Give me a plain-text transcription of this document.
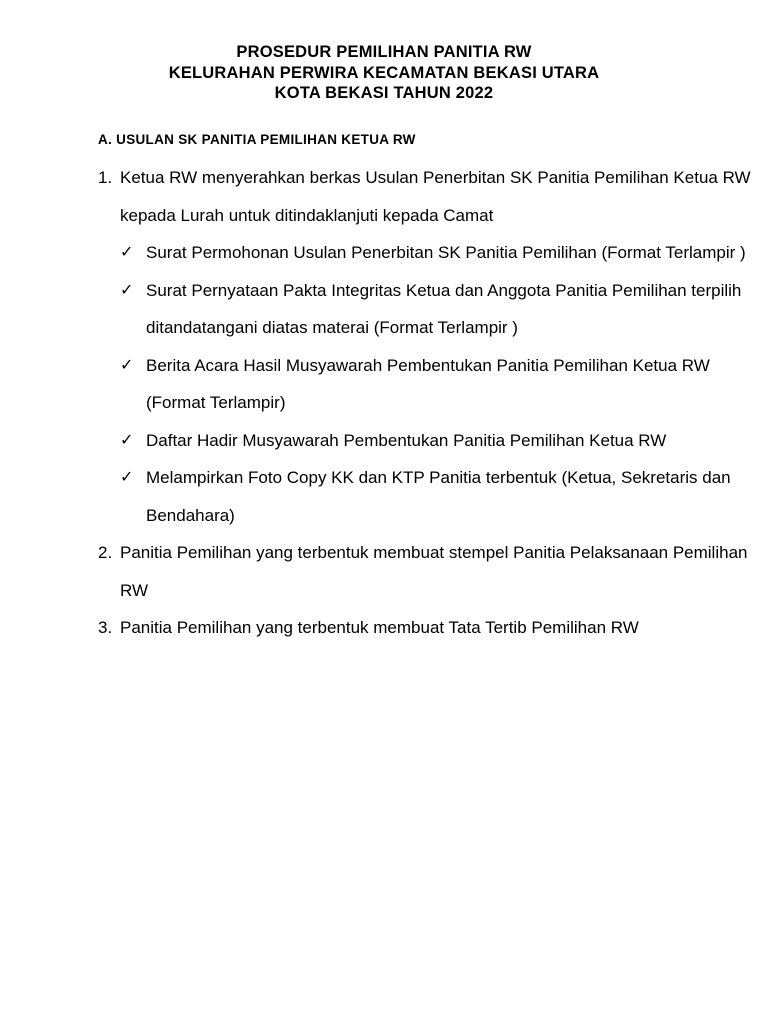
PROSEDUR PEMILIHAN PANITIA RW
KELURAHAN PERWIRA KECAMATAN BEKASI UTARA
KOTA BEKASI TAHUN 2022
A. USULAN SK PANITIA PEMILIHAN KETUA RW
1. Ketua RW menyerahkan berkas Usulan Penerbitan SK Panitia Pemilihan Ketua RW kepada Lurah untuk ditindaklanjuti kepada Camat
✓ Surat Permohonan Usulan Penerbitan SK Panitia Pemilihan (Format Terlampir )
✓ Surat Pernyataan Pakta Integritas Ketua dan Anggota Panitia Pemilihan terpilih ditandatangani diatas materai (Format Terlampir )
✓ Berita Acara Hasil Musyawarah Pembentukan Panitia Pemilihan Ketua RW (Format Terlampir)
✓ Daftar Hadir Musyawarah Pembentukan Panitia Pemilihan Ketua RW
✓ Melampirkan Foto Copy KK dan KTP Panitia terbentuk (Ketua, Sekretaris dan Bendahara)
2. Panitia Pemilihan yang terbentuk membuat stempel Panitia Pelaksanaan Pemilihan RW
3. Panitia Pemilihan yang terbentuk membuat Tata Tertib Pemilihan RW
